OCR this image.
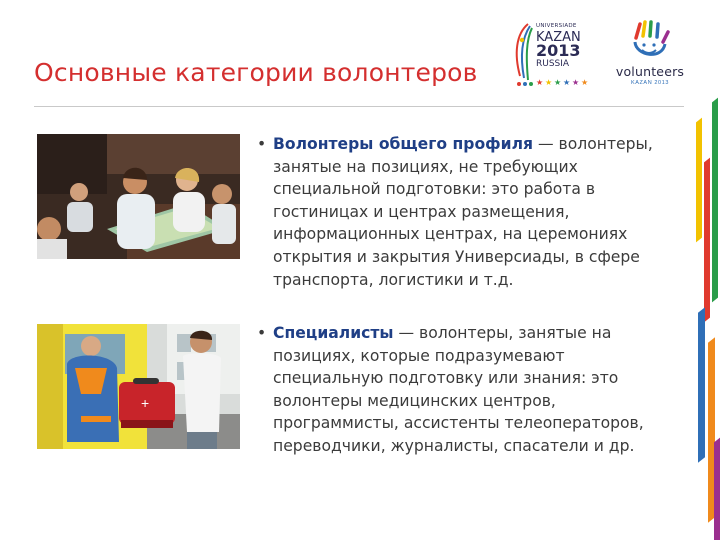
Основные категории волонтеров
UNIVERSIADE
KAZAN
2013
RUSSIA
★ ★ ★ ★ ★ ★
volunteers
KAZAN 2013
+
• Волонтеры общего профиля — волонтеры, занятые на позициях, не требующих специальной подготовки: это работа в гостиницах и центрах размещения, информационных центрах, на церемониях открытия и закрытия Универсиады, в сфере транспорта, логистики и т.д.
• Специалисты — волонтеры, занятые на позициях, которые подразумевают специальную подготовку или знания: это волонтеры медицинских центров, программисты, ассистенты телеоператоров, переводчики, журналисты, спасатели и др.
